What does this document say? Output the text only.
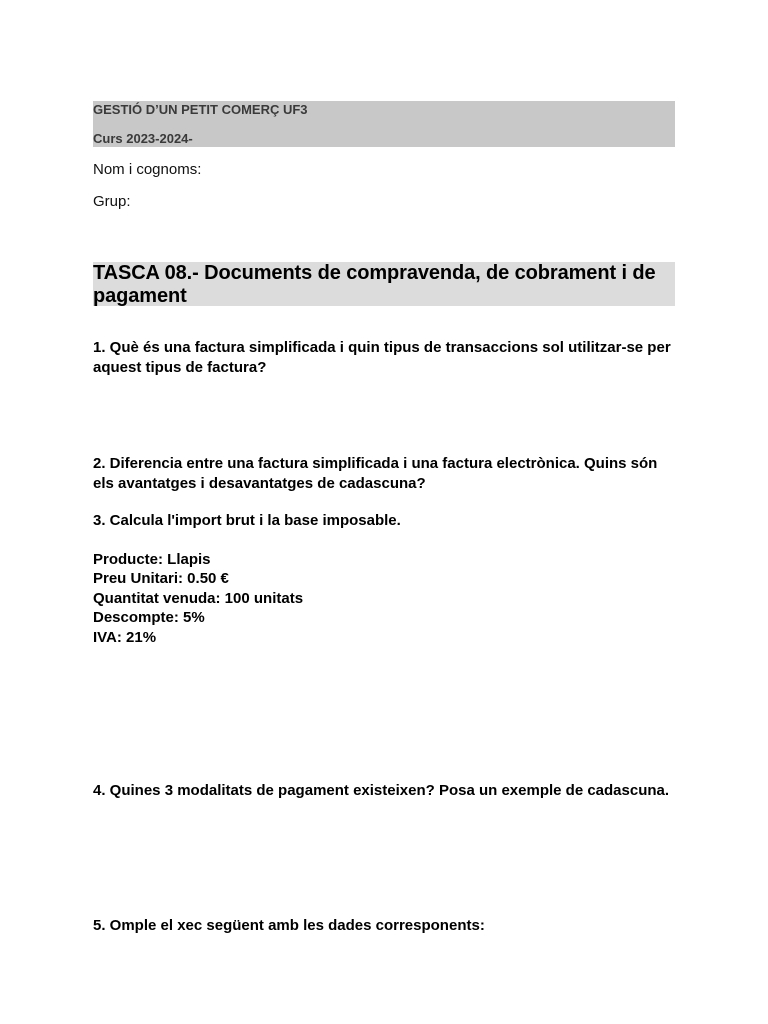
GESTIÓ D’UN PETIT COMERÇ UF3
Curs 2023-2024-
Nom i cognoms:
Grup:
TASCA 08.- Documents de compravenda, de cobrament i de pagament
1. Què és una factura simplificada i quin tipus de transaccions sol utilitzar-se per aquest tipus de factura?
2. Diferencia entre una factura simplificada i una factura electrònica. Quins són els avantatges i desavantatges de cadascuna?
3. Calcula l'import brut i la base imposable.
Producte: Llapis
Preu Unitari: 0.50 €
Quantitat venuda: 100 unitats
Descompte: 5%
IVA: 21%
4. Quines 3 modalitats de pagament existeixen? Posa un exemple de cadascuna.
5. Omple el xec següent amb les dades corresponents:
